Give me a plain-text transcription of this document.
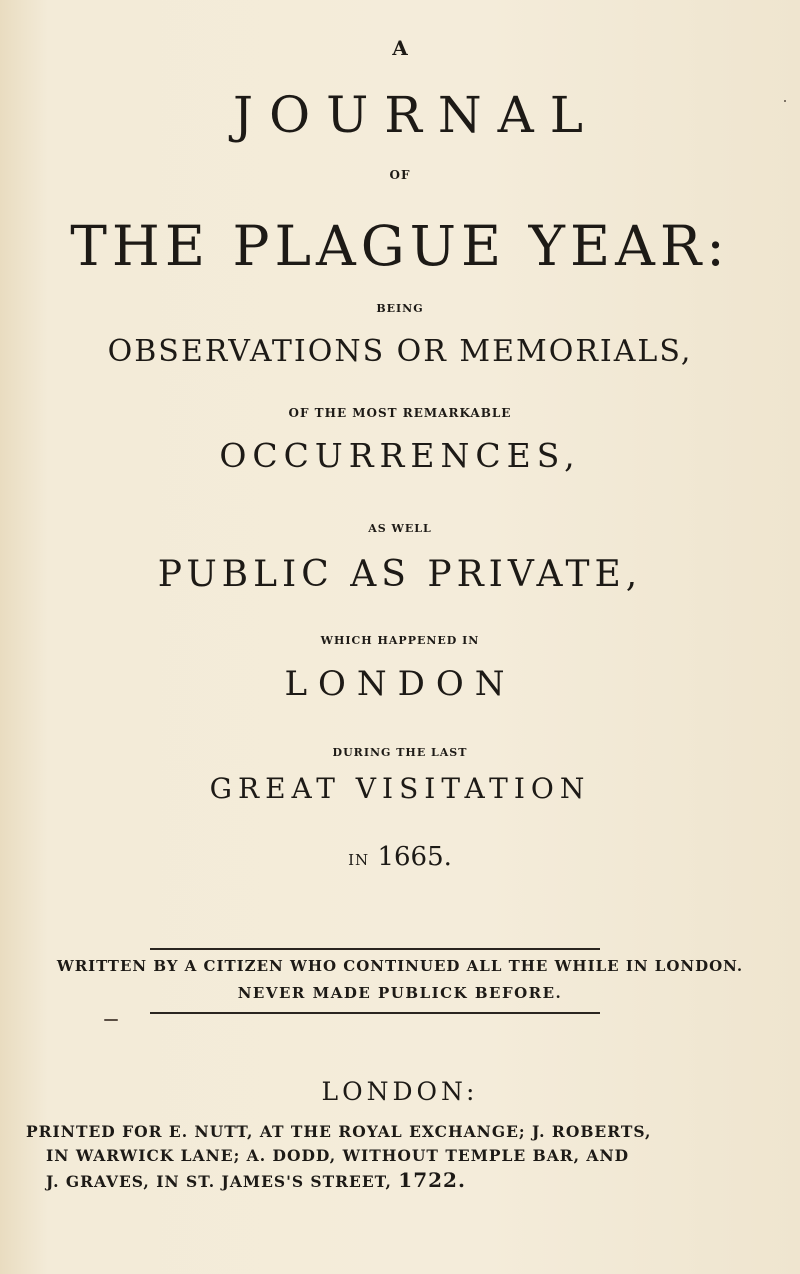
A
JOURNAL
OF
THE PLAGUE YEAR:
BEING
OBSERVATIONS OR MEMORIALS,
OF THE MOST REMARKABLE
OCCURRENCES,
AS WELL
PUBLIC AS PRIVATE,
WHICH HAPPENED IN
LONDON
DURING THE LAST
GREAT VISITATION
IN 1665.
WRITTEN BY A CITIZEN WHO CONTINUED ALL THE WHILE IN LONDON.
NEVER MADE PUBLICK BEFORE.
LONDON:
PRINTED FOR E. NUTT, AT THE ROYAL EXCHANGE; J. ROBERTS,
IN WARWICK LANE; A. DODD, WITHOUT TEMPLE BAR, AND
J. GRAVES, IN ST. JAMES'S STREET, 1722.
